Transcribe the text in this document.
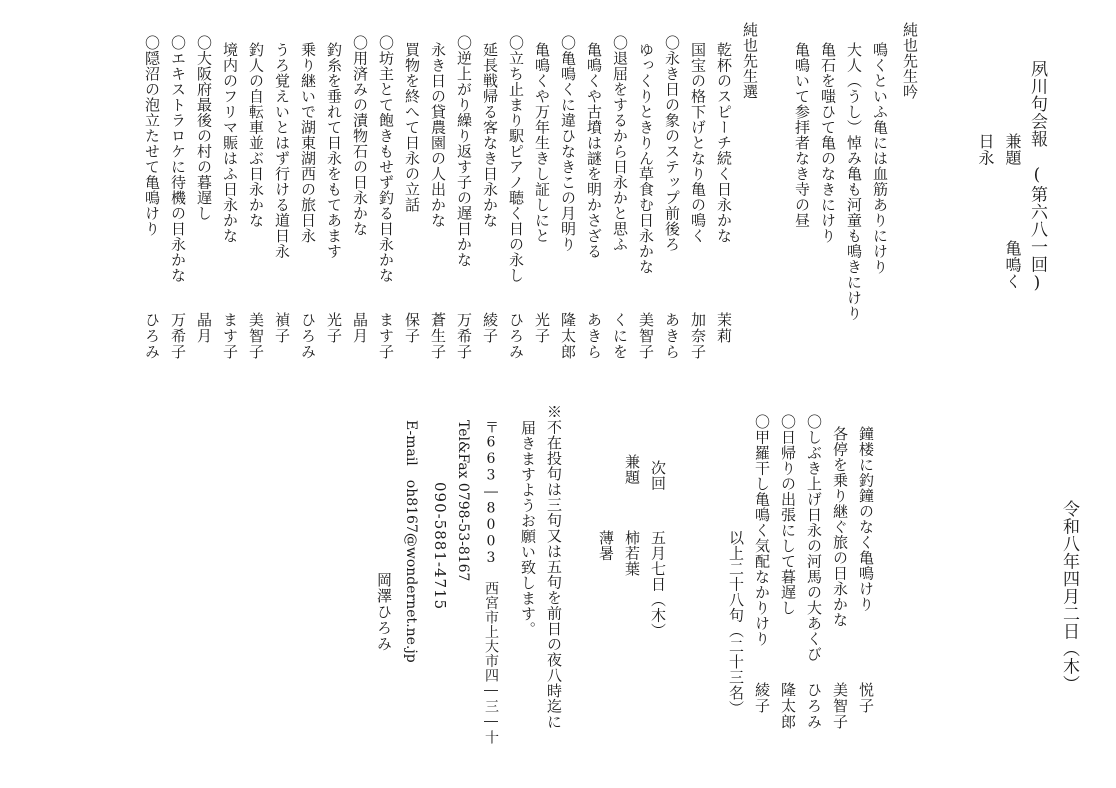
夙川句会報　(第六八一回)
兼題
亀鳴く
日永
令和八年四月二日（木）
純也先生吟
鳴くといふ亀には血筋ありにけり
大人（うし）悼み亀も河童も鳴きにけり
亀石を嗤ひて亀のなきにけり
亀鳴いて参拝者なき寺の昼
純也先生選
乾杯のスピーチ続く日永かな
茉莉
国宝の格下げとなり亀の鳴く
加奈子
〇永き日の象のステップ前後ろ
あきら
ゆっくりときりん草食む日永かな
美智子
〇退屈をするから日永かと思ふ
くにを
亀鳴くや古墳は謎を明かさざる
あきら
〇亀鳴くに違ひなきこの月明り
隆太郎
亀鳴くや万年生きし証しにと
光子
〇立ち止まり駅ピアノ聴く日の永し
ひろみ
延長戦帰る客なき日永かな
綾子
〇逆上がり繰り返す子の遅日かな
万希子
永き日の貸農園の人出かな
蒼生子
買物を終へて日永の立話
保子
〇坊主とて飽きもせず釣る日永かな
ます子
〇用済みの漬物石の日永かな
晶月
釣糸を垂れて日永をもてあます
光子
乗り継いで湖東湖西の旅日永
ひろみ
うろ覚えいとはず行ける道日永
禎子
釣人の自転車並ぶ日永かな
美智子
境内のフリマ賑はふ日永かな
ます子
〇大阪府最後の村の暮遅し
晶月
〇エキストラロケに待機の日永かな
万希子
〇隠沼の泡立たせて亀鳴けり
ひろみ
鐘楼に釣鐘のなく亀鳴けり
悦子
各停を乗り継ぐ旅の日永かな
美智子
〇しぶき上げ日永の河馬の大あくび
ひろみ
〇日帰りの出張にして暮遅し
隆太郎
〇甲羅干し亀鳴く気配なかりけり
綾子
以上二十八句（二十三名）
次回
五月七日（木）
兼題
柿若葉
薄暑
※不在投句は三句又は五句を前日の夜八時迄に
届きますようお願い致します。
〒663―8003　西宮市上大市四―三―十
Tel&Fax 0798-53-8167
090-5881-4715
E-mail　oh8167@wondernet.ne.jp
岡澤ひろみ
